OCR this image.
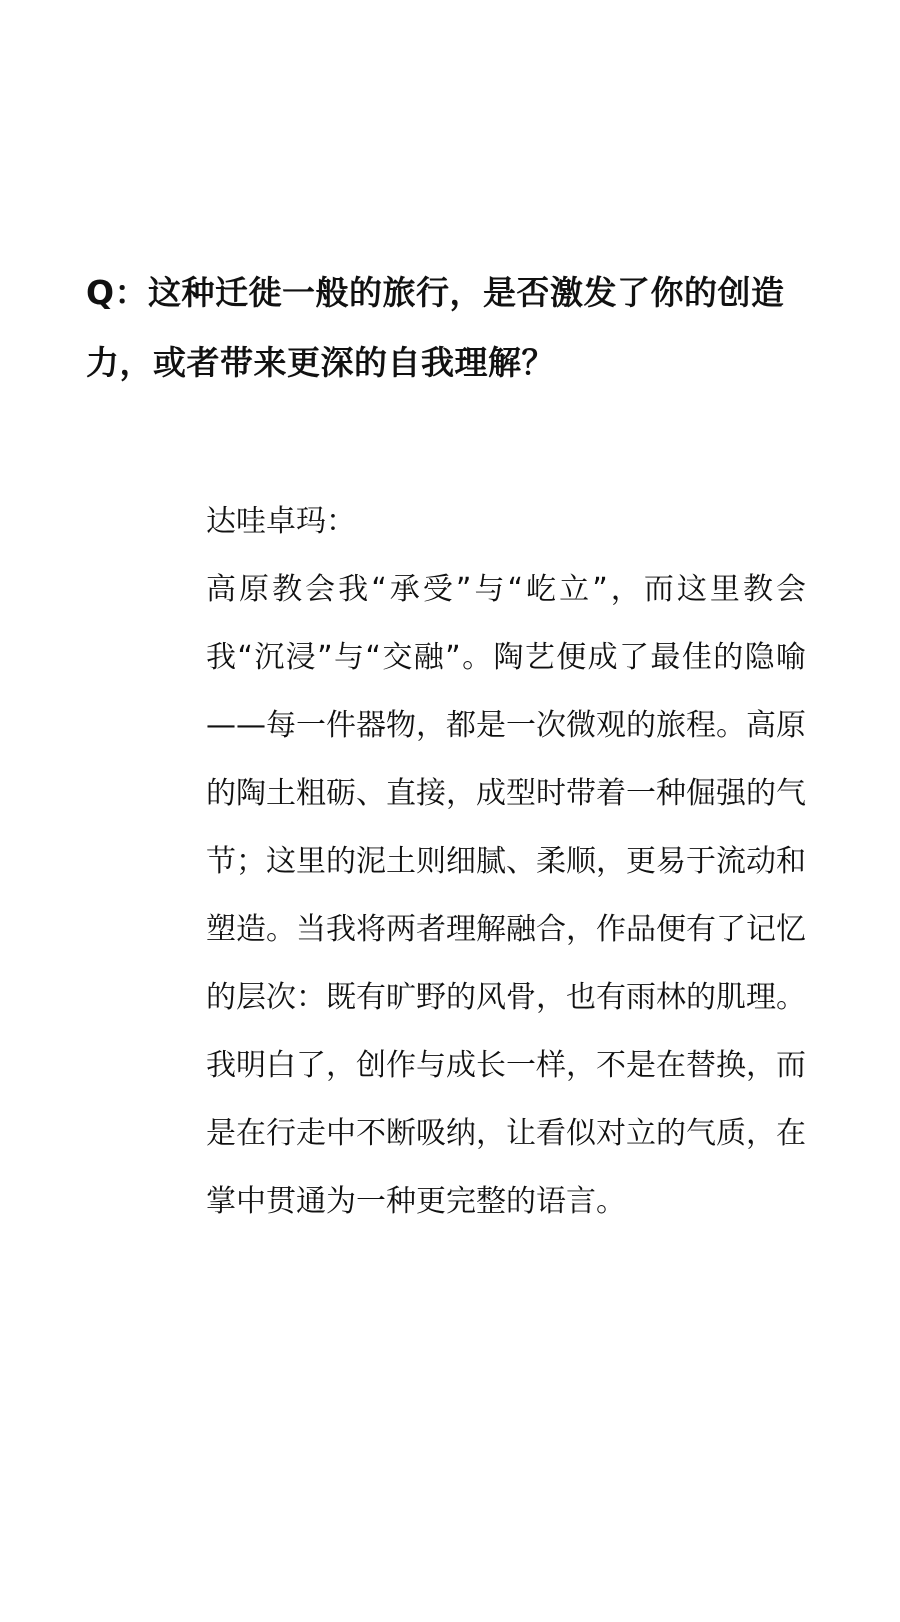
Q：这种迁徙一般的旅行，是否激发了你的创造力，或者带来更深的自我理解？
达哇卓玛：
高原教会我“承受”与“屹立”，而这里教会我“沉浸”与“交融”。陶艺便成了最佳的隐喻——每一件器物，都是一次微观的旅程。高原的陶土粗砺、直接，成型时带着一种倔强的气节；这里的泥土则细腻、柔顺，更易于流动和塑造。当我将两者理解融合，作品便有了记忆的层次：既有旷野的风骨，也有雨林的肌理。我明白了，创作与成长一样，不是在替换，而是在行走中不断吸纳，让看似对立的气质，在掌中贯通为一种更完整的语言。
